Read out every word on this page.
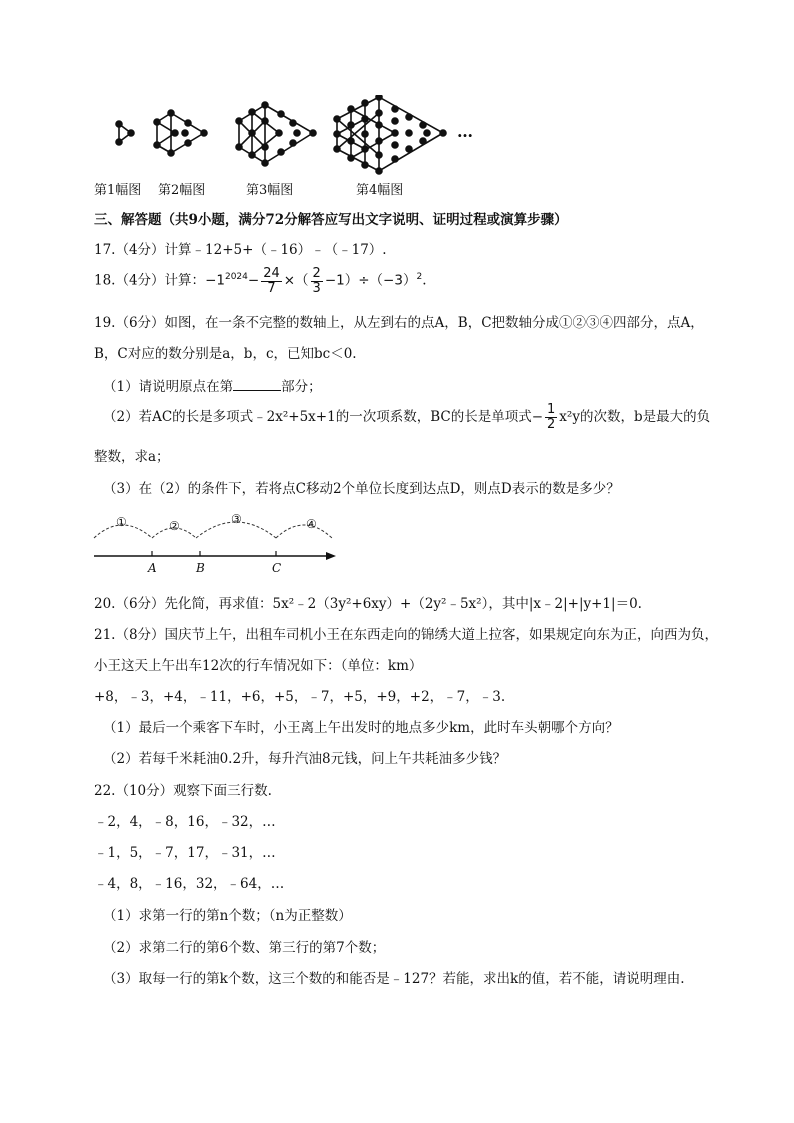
…
第1幅图 第2幅图	第3幅图	第4幅图
三、解答题（共9小题，满分72分解答应写出文字说明、证明过程或演算步骤）
17.（4分）计算﹣12+5+（﹣16）﹣（﹣17）.
18.（4分）计算：$-1^{2024}- \frac{24}{7}$ ×（ $\frac{2}{3} -1)\div(-3)^2$.
19.（6分）如图，在一条不完整的数轴上，从左到右的点A，B，C把数轴分成①②③④四部分，点A，
B，C对应的数分别是a，b，c，已知bc＜0.
（1）请说明原点在第	部分；
（2）若AC的长是多项式﹣2x²+5x+1的一次项系数，BC的长是单项式− $\frac{1}{2} x^2y$的次数，b是最大的负
整数，求a；
（3）在（2）的条件下，若将点C移动2个单位长度到达点D，则点D表示的数是多少？
①	②	③	④
A	B	C
20.（6分）先化简，再求值：5x²﹣2（3y²+6xy）+（2y²﹣5x²），其中|x﹣2|+|y+1|＝0.
21.（8分）国庆节上午，出租车司机小王在东西走向的锦绣大道上拉客，如果规定向东为正，向西为负，
小王这天上午出车12次的行车情况如下：（单位：km）
+8，﹣3，+4，﹣11，+6，+5，﹣7，+5，+9，+2，﹣7，﹣3.
（1）最后一个乘客下车时，小王离上午出发时的地点多少km，此时车头朝哪个方向？
（2）若每千米耗油0.2升，每升汽油8元钱，问上午共耗油多少钱？
22.（10分）观察下面三行数.
﹣2，4，﹣8，16，﹣32，…
﹣1，5，﹣7，17，﹣31，…
﹣4，8，﹣16，32，﹣64，…
（1）求第一行的第n个数；（n为正整数）
（2）求第二行的第6个数、第三行的第7个数；
（3）取每一行的第k个数，这三个数的和能否是﹣127？若能，求出k的值，若不能，请说明理由.
